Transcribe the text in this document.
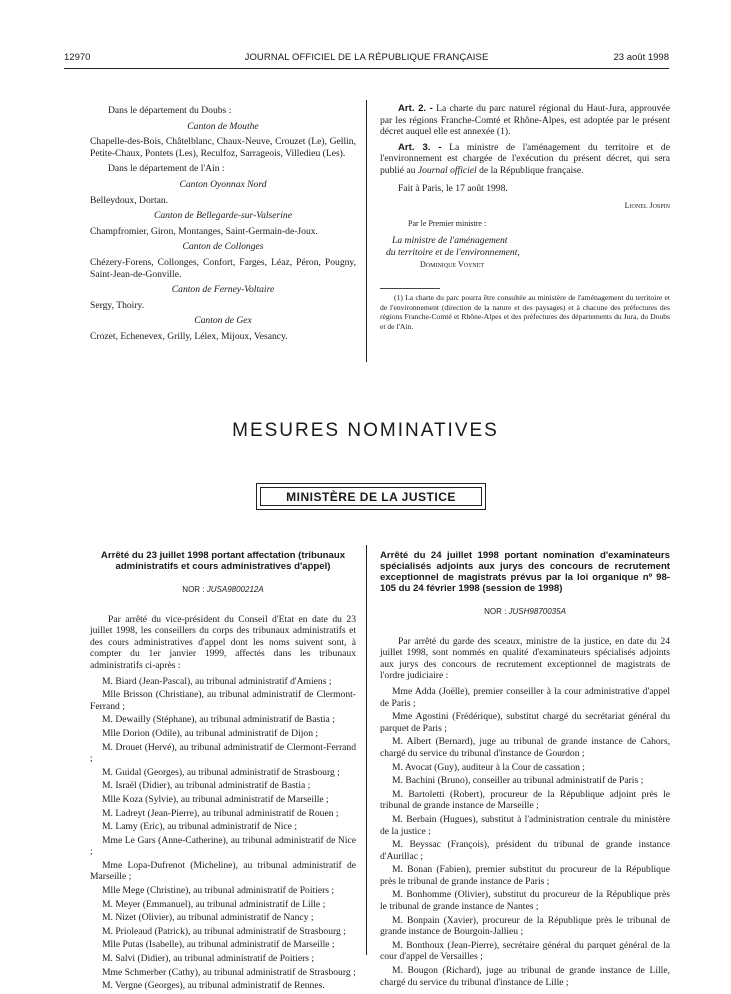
12970	JOURNAL OFFICIEL DE LA RÉPUBLIQUE FRANÇAISE	23 août 1998

Dans le département du Doubs :

Canton de Mouthe

Chapelle-des-Bois, Châtelblanc, Chaux-Neuve, Crouzet (Le), Gellin, Petite-Chaux, Pontets (Les), Reculfoz, Sarrageois, Villedieu (Les).

Dans le département de l'Ain :

Canton Oyonnax Nord

Belleydoux, Dortan.

Canton de Bellegarde-sur-Valserine

Champfromier, Giron, Montanges, Saint-Germain-de-Joux.

Canton de Collonges

Chézery-Forens, Collonges, Confort, Farges, Léaz, Péron, Pougny, Saint-Jean-de-Gonville.

Canton de Ferney-Voltaire

Sergy, Thoiry.

Canton de Gex

Crozet, Echenevex, Grilly, Lélex, Mijoux, Vesancy.

Art. 2. - La charte du parc naturel régional du Haut-Jura, approuvée par les régions Franche-Comté et Rhône-Alpes, est adoptée par le présent décret auquel elle est annexée (1).

Art. 3. - La ministre de l'aménagement du territoire et de l'environnement est chargée de l'exécution du présent décret, qui sera publié au Journal officiel de la République française.

Fait à Paris, le 17 août 1998.

Lionel Jospin
Par le Premier ministre :
La ministre de l'aménagement
du territoire et de l'environnement,
Dominique Voynet

(1) La charte du parc pourra être consultée au ministère de l'aménagement du territoire et de l'environnement (direction de la nature et des paysages) et à chacune des préfectures des régions Franche-Comté et Rhône-Alpes et des préfectures des départements du Jura, du Doubs et de l'Ain.

MESURES NOMINATIVES
MINISTÈRE DE LA JUSTICE

Arrêté du 23 juillet 1998 portant affectation (tribunaux administratifs et cours administratives d'appel)

NOR : JUSA9800212A

Par arrêté du vice-président du Conseil d'Etat en date du 23 juillet 1998, les conseillers du corps des tribunaux administratifs et des cours administratives d'appel dont les noms suivent sont, à compter du 1er janvier 1999, affectés dans les tribunaux administratifs ci-après :

M. Biard (Jean-Pascal), au tribunal administratif d'Amiens ;

Mlle Brisson (Christiane), au tribunal administratif de Clermont-Ferrand ;

M. Dewailly (Stéphane), au tribunal administratif de Bastia ;

Mlle Dorion (Odile), au tribunal administratif de Dijon ;

M. Drouet (Hervé), au tribunal administratif de Clermont-Ferrand ;

M. Guidal (Georges), au tribunal administratif de Strasbourg ;

M. Israël (Didier), au tribunal administratif de Bastia ;

Mlle Koza (Sylvie), au tribunal administratif de Marseille ;

M. Ladreyt (Jean-Pierre), au tribunal administratif de Rouen ;

M. Lamy (Eric), au tribunal administratif de Nice ;

Mme Le Gars (Anne-Catherine), au tribunal administratif de Nice ;

Mme Lopa-Dufrenot (Micheline), au tribunal administratif de Marseille ;

Mlle Mege (Christine), au tribunal administratif de Poitiers ;

M. Meyer (Emmanuel), au tribunal administratif de Lille ;

M. Nizet (Olivier), au tribunal administratif de Nancy ;

M. Prioleaud (Patrick), au tribunal administratif de Strasbourg ;

Mlle Putas (Isabelle), au tribunal administratif de Marseille ;

M. Salvi (Didier), au tribunal administratif de Poitiers ;

Mme Schmerber (Cathy), au tribunal administratif de Strasbourg ;

M. Vergne (Georges), au tribunal administratif de Rennes.

Arrêté du 24 juillet 1998 portant nomination d'examinateurs spécialisés adjoints aux jurys des concours de recrutement exceptionnel de magistrats prévus par la loi organique nº 98-105 du 24 février 1998 (session de 1998)

NOR : JUSH9870035A

Par arrêté du garde des sceaux, ministre de la justice, en date du 24 juillet 1998, sont nommés en qualité d'examinateurs spécialisés adjoints aux jurys des concours de recrutement exceptionnel de magistrats de l'ordre judiciaire :

Mme Adda (Joëlle), premier conseiller à la cour administrative d'appel de Paris ;

Mme Agostini (Frédérique), substitut chargé du secrétariat général du parquet de Paris ;

M. Albert (Bernard), juge au tribunal de grande instance de Cahors, chargé du service du tribunal d'instance de Gourdon ;

M. Avocat (Guy), auditeur à la Cour de cassation ;

M. Bachini (Bruno), conseiller au tribunal administratif de Paris ;

M. Bartoletti (Robert), procureur de la République adjoint près le tribunal de grande instance de Marseille ;

M. Berbain (Hugues), substitut à l'administration centrale du ministère de la justice ;

M. Beyssac (François), président du tribunal de grande instance d'Aurillac ;

M. Bonan (Fabien), premier substitut du procureur de la République près le tribunal de grande instance de Paris ;

M. Bonhomme (Olivier), substitut du procureur de la République près le tribunal de grande instance de Nantes ;

M. Bonpain (Xavier), procureur de la République près le tribunal de grande instance de Bourgoin-Jallieu ;

M. Bonthoux (Jean-Pierre), secrétaire général du parquet général de la cour d'appel de Versailles ;

M. Bougon (Richard), juge au tribunal de grande instance de Lille, chargé du service du tribunal d'instance de Lille ;
